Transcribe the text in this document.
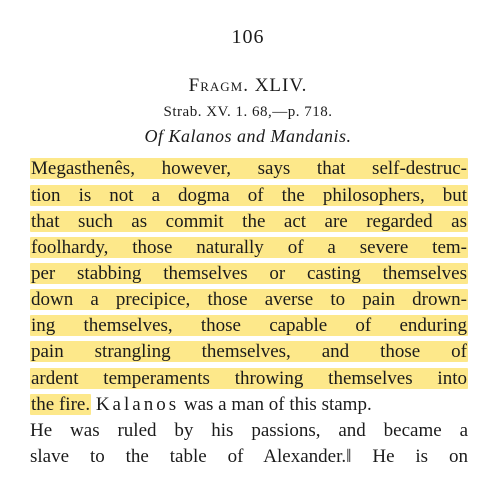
106
Fragm. XLIV.
Strab. XV. 1. 68,—p. 718.
Of Kalanos and Mandanis.
Megasthenês, however, says that self-destruc-
tion is not a dogma of the philosophers, but
that such as commit the act are regarded as
foolhardy, those naturally of a severe tem-
per stabbing themselves or casting themselves
down a precipice, those averse to pain drown-
ing themselves, those capable of enduring
pain strangling themselves, and those of
ardent temperaments throwing themselves into
the fire. Kalanos was a man of this stamp.
He was ruled by his passions, and became a
slave to the table of Alexander.‖ He is on
